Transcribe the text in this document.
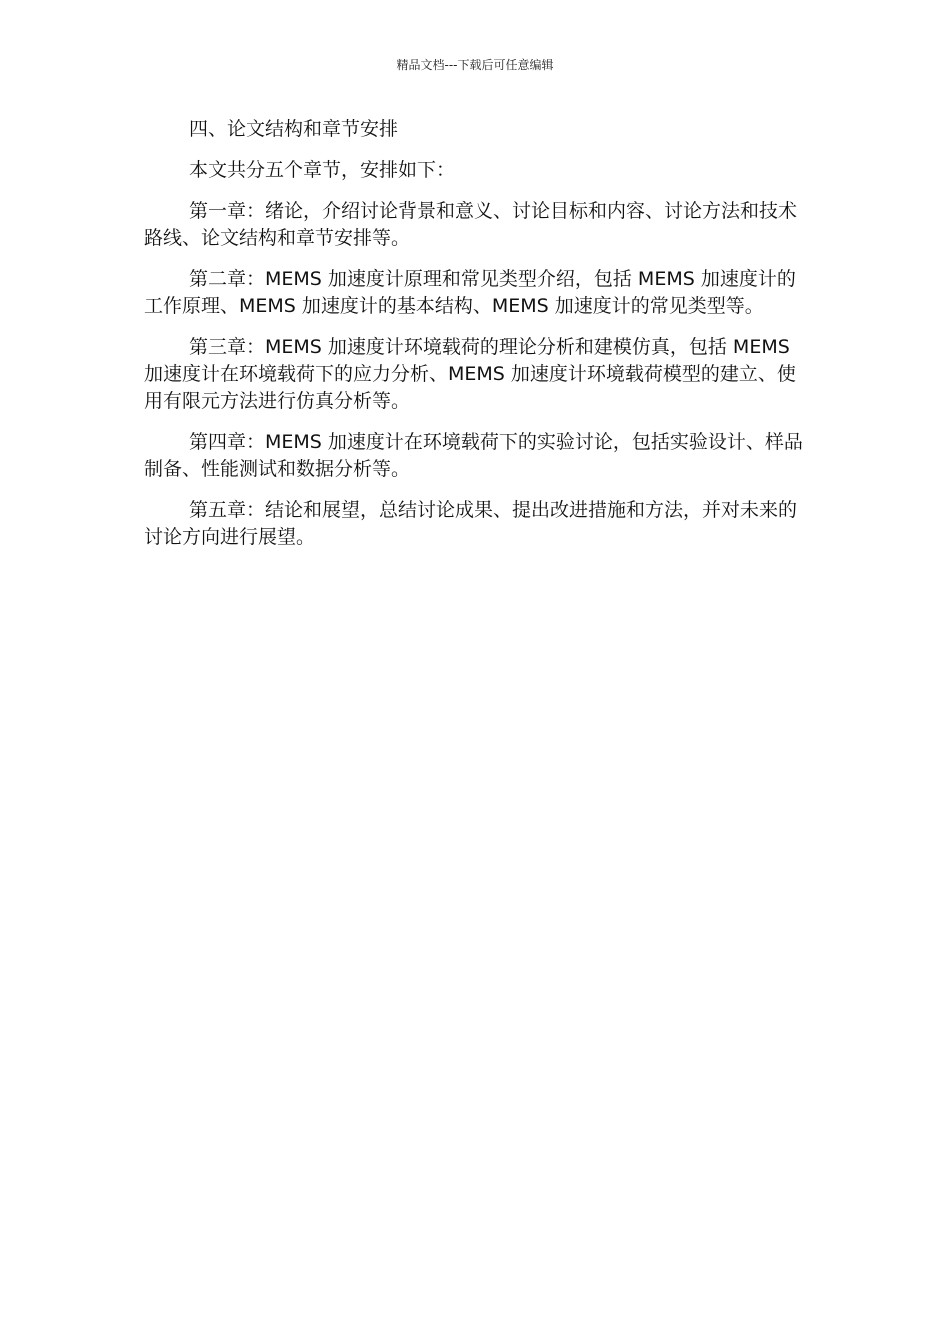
精品文档---下载后可任意编辑

四、论文结构和章节安排

本文共分五个章节，安排如下：

第一章：绪论，介绍讨论背景和意义、讨论目标和内容、讨论方法和技术路线、论文结构和章节安排等。

第二章：MEMS 加速度计原理和常见类型介绍，包括 MEMS 加速度计的工作原理、MEMS 加速度计的基本结构、MEMS 加速度计的常见类型等。

第三章：MEMS 加速度计环境载荷的理论分析和建模仿真，包括 MEMS 加速度计在环境载荷下的应力分析、MEMS 加速度计环境载荷模型的建立、使用有限元方法进行仿真分析等。

第四章：MEMS 加速度计在环境载荷下的实验讨论，包括实验设计、样品制备、性能测试和数据分析等。

第五章：结论和展望，总结讨论成果、提出改进措施和方法，并对未来的讨论方向进行展望。
